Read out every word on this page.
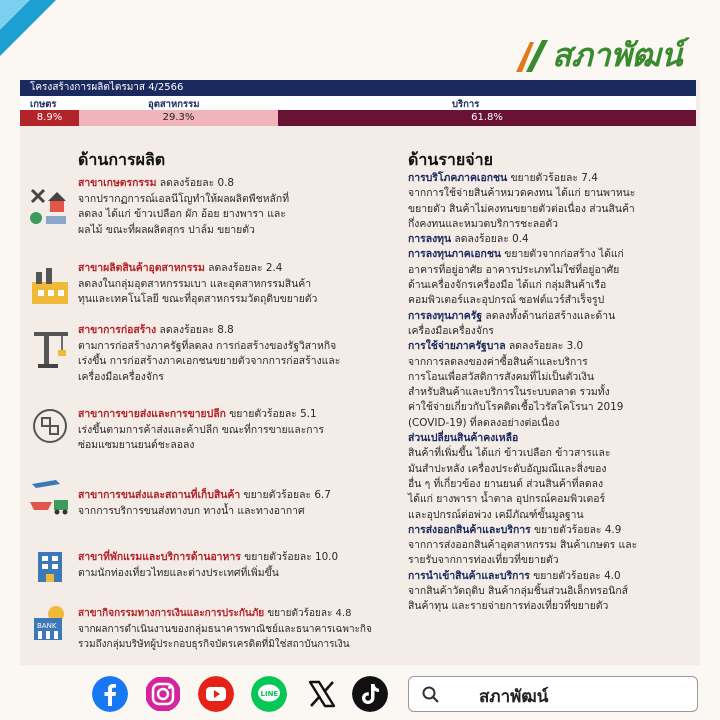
สภาพัฒน์
โครงสร้างการผลิตไตรมาส 4/2566
เกษตร	อุตสาหกรรม	บริการ
8.9%	29.3%	61.8%
ด้านการผลิต	ด้านรายจ่าย
สาขาเกษตรกรรม ลดลงร้อยละ 0.8
จากปรากฏการณ์เอลนีโญทำให้ผลผลิตพืชหลักที่
ลดลง ได้แก่ ข้าวเปลือก ผัก อ้อย ยางพารา และ
ผลไม้ ขณะที่ผลผลิตสุกร ปาล์ม ขยายตัว
สาขาผลิตสินค้าอุตสาหกรรม ลดลงร้อยละ 2.4
ลดลงในกลุ่มอุตสาหกรรมเบา และอุตสาหกรรมสินค้า
ทุนและเทคโนโลยี ขณะที่อุตสาหกรรมวัตถุดิบขยายตัว
สาขาการก่อสร้าง ลดลงร้อยละ 8.8
ตามการก่อสร้างภาครัฐที่ลดลง การก่อสร้างของรัฐวิสาหกิจ
เร่งขึ้น การก่อสร้างภาคเอกชนขยายตัวจากการก่อสร้างและ
เครื่องมือเครื่องจักร
สาขาการขายส่งและการขายปลีก ขยายตัวร้อยละ 5.1
เร่งขึ้นตามการค้าส่งและค้าปลีก ขณะที่การขายและการ
ซ่อมแซมยานยนต์ชะลอลง
สาขาการขนส่งและสถานที่เก็บสินค้า ขยายตัวร้อยละ 6.7
จากการบริการขนส่งทางบก ทางน้ำ และทางอากาศ
สาขาที่พักแรมและบริการด้านอาหาร ขยายตัวร้อยละ 10.0
ตามนักท่องเที่ยวไทยและต่างประเทศที่เพิ่มขึ้น
BANK
สาขากิจกรรมทางการเงินและการประกันภัย ขยายตัวร้อยละ 4.8
จากผลการดำเนินงานของกลุ่มธนาคารพาณิชย์และธนาคารเฉพาะกิจ
รวมถึงกลุ่มบริษัทผู้ประกอบธุรกิจบัตรเครดิตที่มิใช่สถาบันการเงิน

การบริโภคภาคเอกชน ขยายตัวร้อยละ 7.4

จากการใช้จ่ายสินค้าหมวดคงทน ได้แก่ ยานพาหนะ

ขยายตัว สินค้าไม่คงทนขยายตัวต่อเนื่อง ส่วนสินค้า

กึ่งคงทนและหมวดบริการชะลอตัว

การลงทุน ลดลงร้อยละ 0.4

การลงทุนภาคเอกชน ขยายตัวจากก่อสร้าง ได้แก่

อาคารที่อยู่อาศัย อาคารประเภทไม่ใช่ที่อยู่อาศัย

ด้านเครื่องจักรเครื่องมือ ได้แก่ กลุ่มสินค้าเรือ

คอมพิวเตอร์และอุปกรณ์ ซอฟต์แวร์สำเร็จรูป

การลงทุนภาครัฐ ลดลงทั้งด้านก่อสร้างและด้าน

เครื่องมือเครื่องจักร

การใช้จ่ายภาครัฐบาล ลดลงร้อยละ 3.0

จากการลดลงของค่าซื้อสินค้าและบริการ

การโอนเพื่อสวัสดิการสังคมที่ไม่เป็นตัวเงิน

สำหรับสินค้าและบริการในระบบตลาด รวมทั้ง

ค่าใช้จ่ายเกี่ยวกับโรคติดเชื้อไวรัสโคโรนา 2019

(COVID-19) ที่ลดลงอย่างต่อเนื่อง

ส่วนเปลี่ยนสินค้าคงเหลือ

สินค้าที่เพิ่มขึ้น ได้แก่ ข้าวเปลือก ข้าวสารและ

มันสำปะหลัง เครื่องประดับอัญมณีและสิ่งของ

อื่น ๆ ที่เกี่ยวข้อง ยานยนต์ ส่วนสินค้าที่ลดลง

ได้แก่ ยางพารา น้ำตาล อุปกรณ์คอมพิวเตอร์

และอุปกรณ์ต่อพ่วง เคมีภัณฑ์ขั้นมูลฐาน

การส่งออกสินค้าและบริการ ขยายตัวร้อยละ 4.9

จากการส่งออกสินค้าอุตสาหกรรม สินค้าเกษตร และ

รายรับจากการท่องเที่ยวที่ขยายตัว

การนำเข้าสินค้าและบริการ ขยายตัวร้อยละ 4.0

จากสินค้าวัตถุดิบ สินค้ากลุ่มชิ้นส่วนอิเล็กทรอนิกส์

สินค้าทุน และรายจ่ายการท่องเที่ยวที่ขยายตัว

LINE	สภาพัฒน์
